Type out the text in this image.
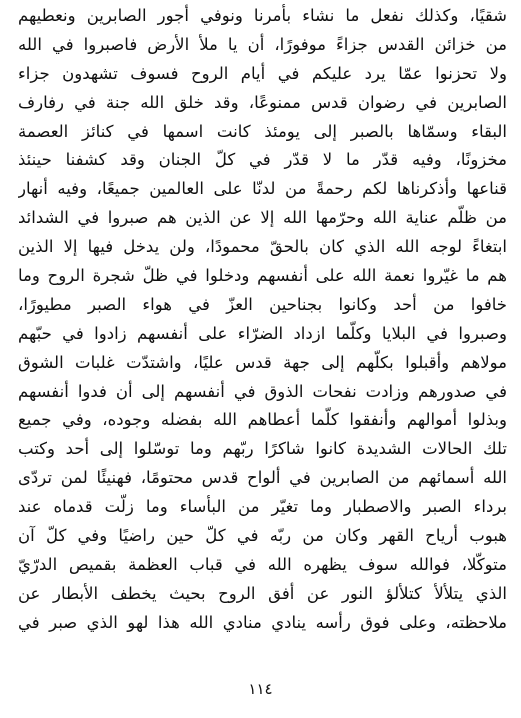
شقيًا، وكذلك نفعل ما نشاء بأمرنا ونوفي أجور الصابرين ونعطيهم
من خزائن القدس جزاءً موفورًا، أن يا ملأ الأرض فاصبروا في الله
ولا تحزنوا عمّا يرد عليكم في أيام الروح فسوف تشهدون جزاء
الصابرين في رضوان قدس ممنوعًا، وقد خلق الله جنة في رفارف
البقاء وسمّاها بالصبر إلى يومئذ كانت اسمها في كنائز العصمة
مخزونًا، وفيه قدّر ما لا قدّر في كلّ الجنان وقد كشفنا حينئذ
قناعها وأذكرناها لكم رحمةً من لدنّا على العالمين جميعًا، وفيه أنهار
من ظلّم عناية الله وحرّمها الله إلا عن الذين هم صبروا في الشدائد
ابتغاءً لوجه الله الذي كان بالحقّ محمودًا، ولن يدخل فيها إلا الذين
هم ما غيّروا نعمة الله على أنفسهم ودخلوا في ظلّ شجرة الروح وما
خافوا من أحد وكانوا بجناحين العزّ في هواء الصبر مطيورًا،
وصبروا في البلايا وكلّما ازداد الضرّاء على أنفسهم زادوا في حبّهم
مولاهم وأقبلوا بكلّهم إلى جهة قدس عليًا، واشتدّت غلبات الشوق
في صدورهم وزادت نفحات الذوق في أنفسهم إلى أن فدوا أنفسهم
وبذلوا أموالهم وأنفقوا كلّما أعطاهم الله بفضله وجوده، وفي جميع
تلك الحالات الشديدة كانوا شاكرًا ربّهم وما توسّلوا إلى أحد وكتب
الله أسمائهم من الصابرين في ألواح قدس محتومًا، فهنيئًا لمن تردّى
برداء الصبر والاصطبار وما تغيّر من البأساء وما زلّت قدماه عند
هبوب أرياح القهر وكان من ربّه في كلّ حين راضيًا وفي كلّ آن
متوكّلا، فوالله سوف يظهره الله في قباب العظمة بقميص الدرّيّ
الذي يتلألأ كتلألؤ النور عن أفق الروح بحيث يخطف الأبطار عن
ملاحظته، وعلى فوق رأسه ينادي منادي الله هذا لهو الذي صبر في
١١٤
